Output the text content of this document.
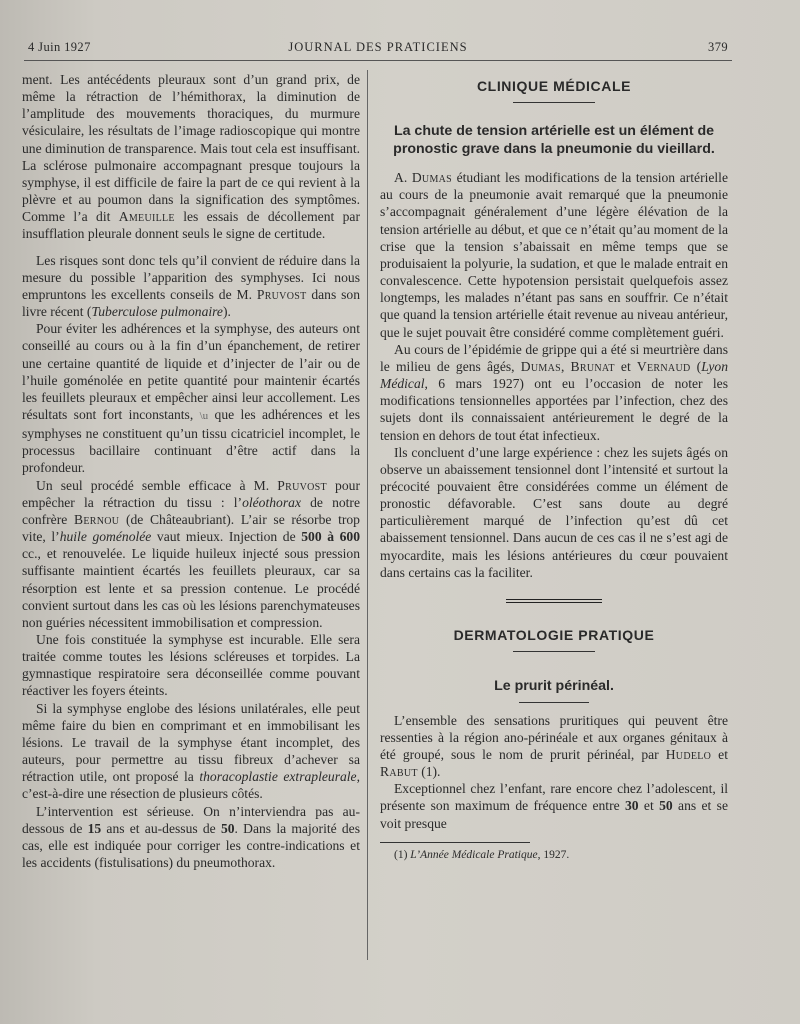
4 Juin 1927	JOURNAL DES PRATICIENS	379

ment. Les antécédents pleuraux sont d’un grand prix, de même la rétraction de l’hémithorax, la diminution de l’amplitude des mouvements thoraciques, du murmure vésiculaire, les résultats de l’image radioscopique qui montre une diminution de transparence. Mais tout cela est insuffisant. La sclérose pulmonaire accompagnant presque toujours la symphyse, il est difficile de faire la part de ce qui revient à la plèvre et au poumon dans la signification des symptômes. Comme l’a dit Ameuille les essais de décollement par insufflation pleurale donnent seuls le signe de certitude.

Les risques sont donc tels qu’il convient de réduire dans la mesure du possible l’apparition des symphyses. Ici nous empruntons les excellents conseils de M. Pruvost dans son livre récent (Tuberculose pulmonaire).

Pour éviter les adhérences et la symphyse, des auteurs ont conseillé au cours ou à la fin d’un épanchement, de retirer une certaine quantité de liquide et d’injecter de l’air ou de l’huile goménolée en petite quantité pour maintenir écartés les feuillets pleuraux et empêcher ainsi leur accollement. Les résultats sont fort inconstants, \u que les adhérences et les symphyses ne constituent qu’un tissu cicatriciel incomplet, le processus bacillaire continuant d’être actif dans la profondeur.

Un seul procédé semble efficace à M. Pruvost pour empêcher la rétraction du tissu : l’oléothorax de notre confrère Bernou (de Châteaubriant). L’air se résorbe trop vite, l’huile goménolée vaut mieux. Injection de 500 à 600 cc., et renouvelée. Le liquide huileux injecté sous pression suffisante maintient écartés les feuillets pleuraux, car sa résorption est lente et sa pression contenue. Le procédé convient surtout dans les cas où les lésions parenchymateuses non guéries nécessitent immobilisation et compression.

Une fois constituée la symphyse est incurable. Elle sera traitée comme toutes les lésions scléreuses et torpides. La gymnastique respiratoire sera déconseillée comme pouvant réactiver les foyers éteints.

Si la symphyse englobe des lésions unilatérales, elle peut même faire du bien en comprimant et en immobilisant les lésions. Le travail de la symphyse étant incomplet, des auteurs, pour permettre au tissu fibreux d’achever sa rétraction utile, ont proposé la thoracoplastie extrapleurale, c’est-à-dire une résection de plusieurs côtés.

L’intervention est sérieuse. On n’interviendra pas au-dessous de 15 ans et au-dessus de 50. Dans la majorité des cas, elle est indiquée pour corriger les contre-indications et les accidents (fistulisations) du pneumothorax.

CLINIQUE MÉDICALE
La chute de tension artérielle est un élément de pronostic grave dans la pneumonie du vieillard.

A. Dumas étudiant les modifications de la tension artérielle au cours de la pneumonie avait remarqué que la pneumonie s’accompagnait généralement d’une légère élévation de la tension artérielle au début, et que ce n’était qu’au moment de la crise que la tension s’abaissait en même temps que se produisaient la polyurie, la sudation, et que le malade entrait en convalescence. Cette hypotension persistait quelquefois assez longtemps, les malades n’étant pas sans en souffrir. Ce n’était que quand la tension artérielle était revenue au niveau antérieur, que le sujet pouvait être considéré comme complètement guéri.

Au cours de l’épidémie de grippe qui a été si meurtrière dans le milieu de gens âgés, Dumas, Brunat et Vernaud (Lyon Médical, 6 mars 1927) ont eu l’occasion de noter les modifications tensionnelles apportées par l’infection, chez des sujets dont ils connaissaient antérieurement le degré de la tension en dehors de tout état infectieux.

Ils concluent d’une large expérience : chez les sujets âgés on observe un abaissement tensionnel dont l’intensité et surtout la précocité pouvaient être considérées comme un élément de pronostic défavorable. C’est sans doute au degré particulièrement marqué de l’infection qu’est dû cet abaissement tensionnel. Dans aucun de ces cas il ne s’est agi de myocardite, mais les lésions antérieures du cœur pouvaient dans certains cas la faciliter.

DERMATOLOGIE PRATIQUE
Le prurit périnéal.

L’ensemble des sensations pruritiques qui peuvent être ressenties à la région ano-périnéale et aux organes génitaux à été groupé, sous le nom de prurit périnéal, par Hudelo et Rabut (1).

Exceptionnel chez l’enfant, rare encore chez l’adolescent, il présente son maximum de fréquence entre 30 et 50 ans et se voit presque

(1) L’Année Médicale Pratique, 1927.
